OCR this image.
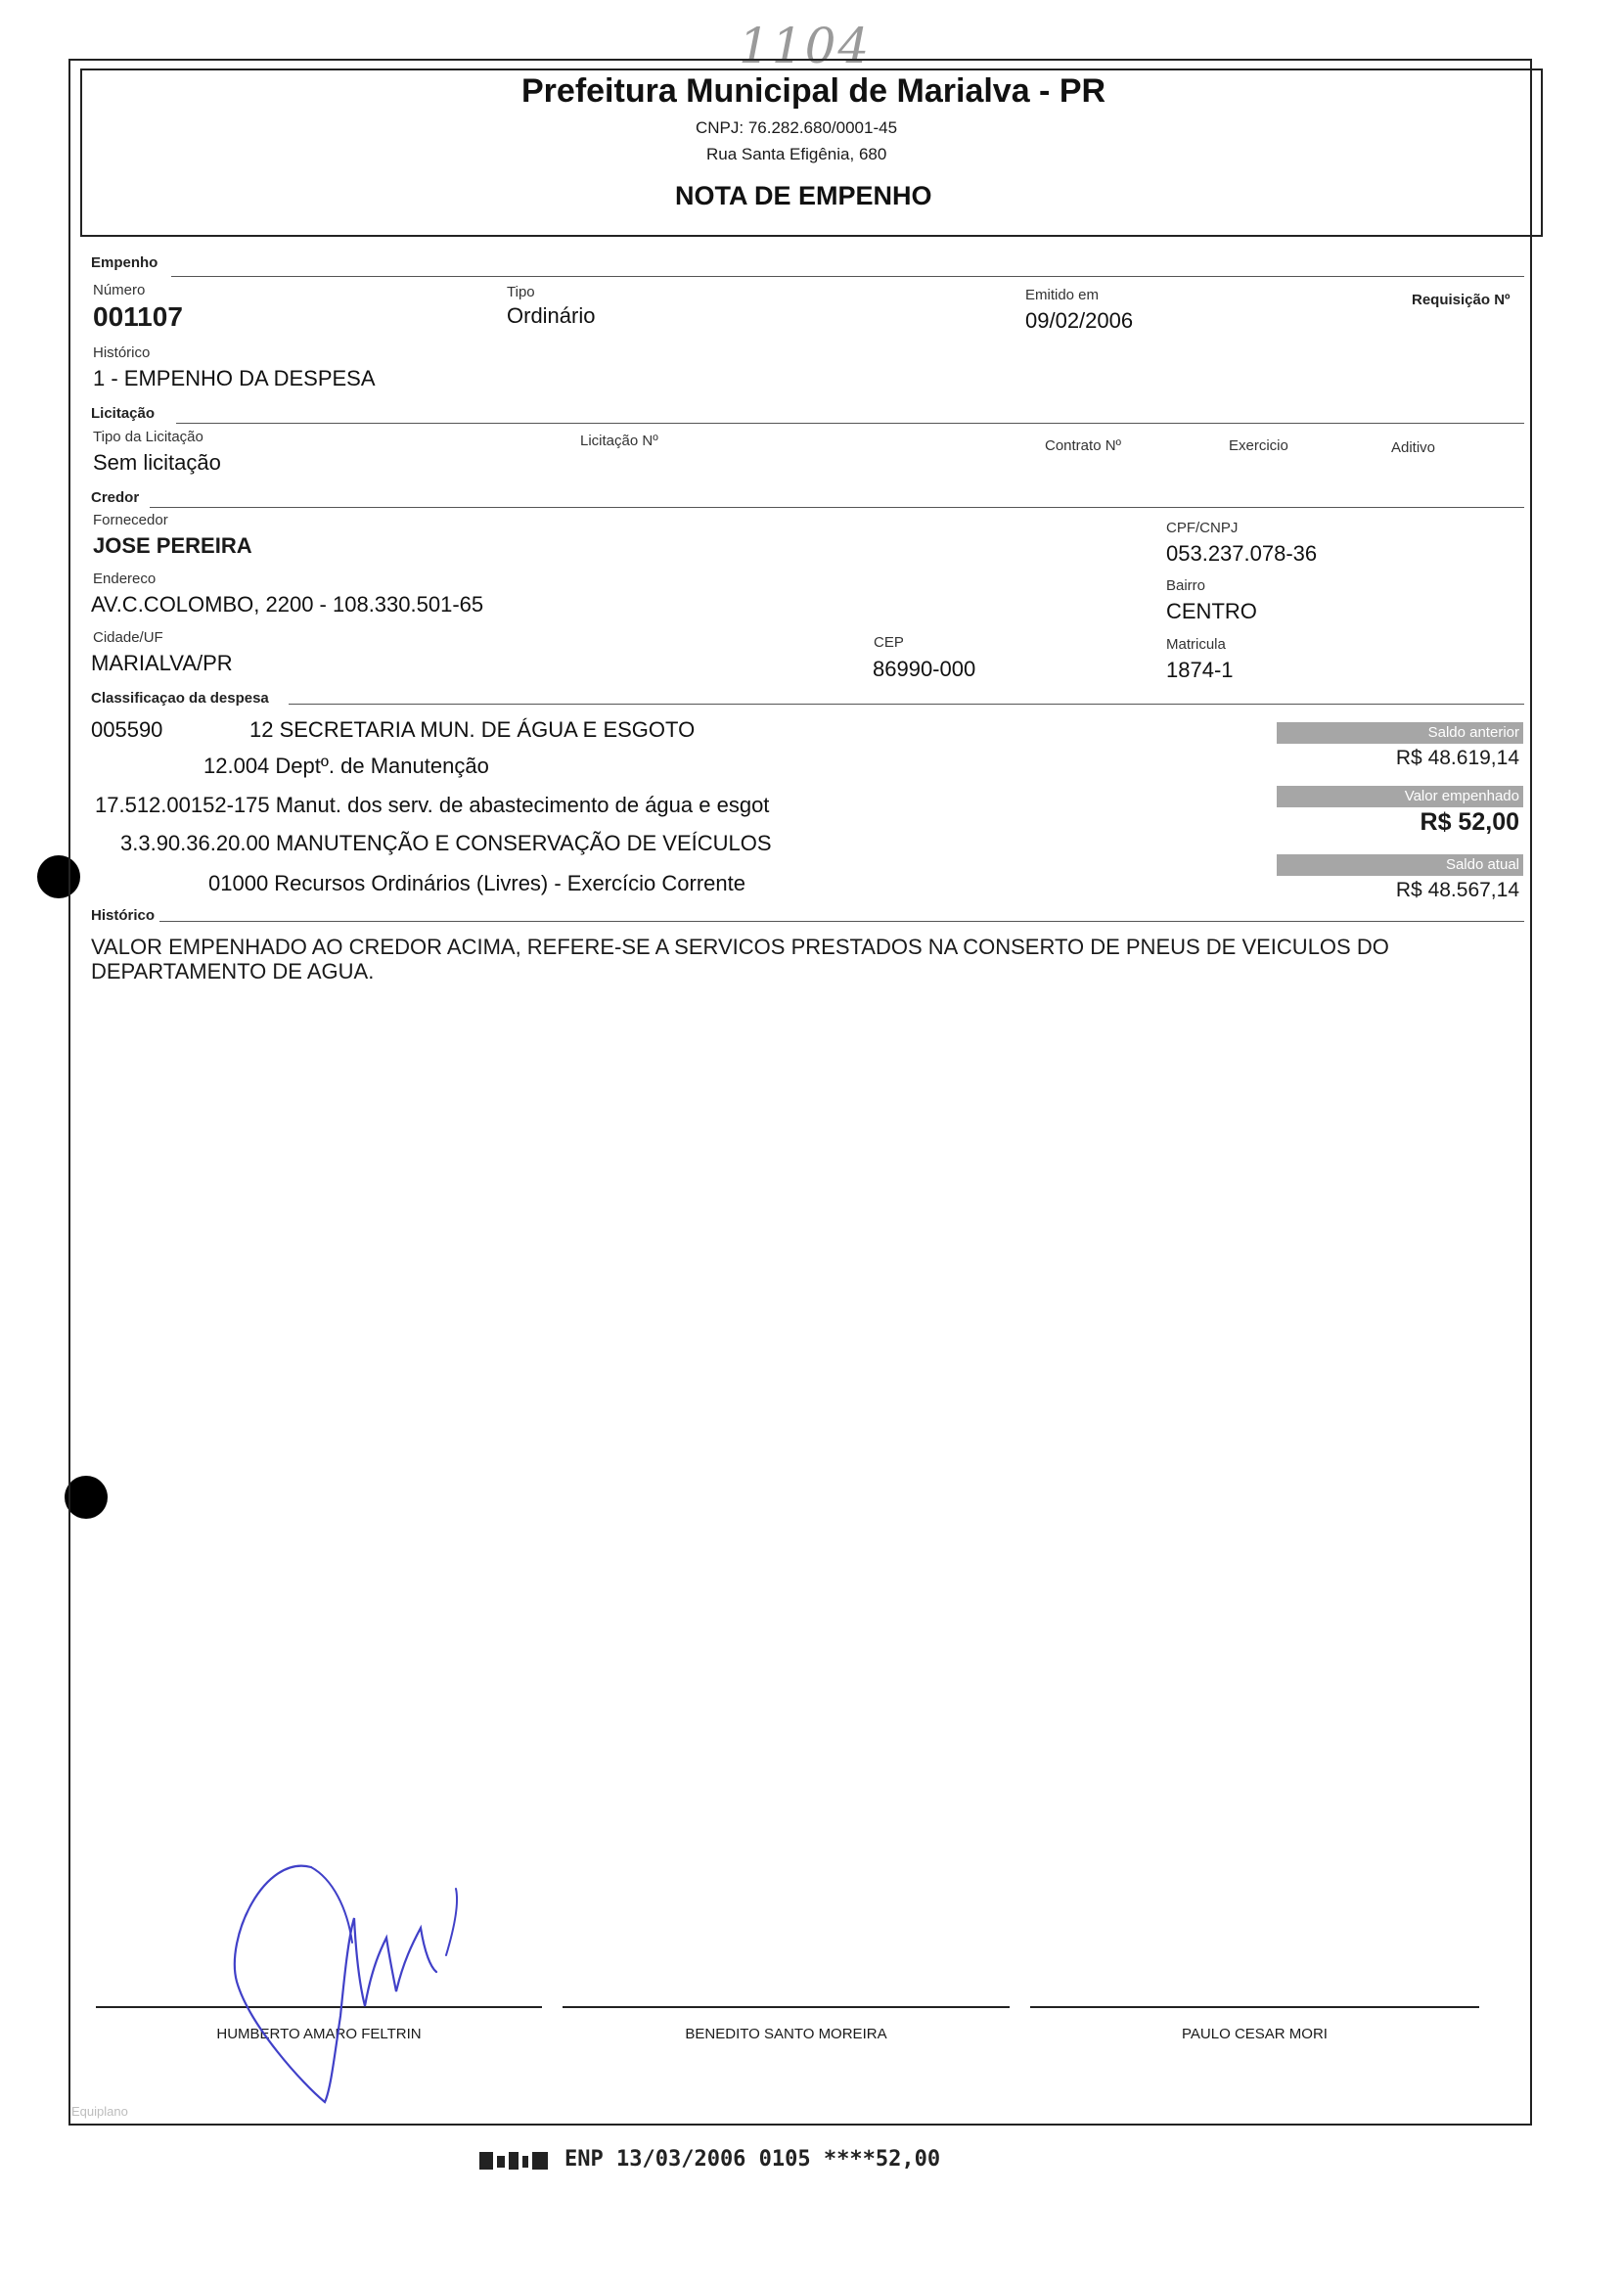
1104
Prefeitura Municipal de Marialva - PR
CNPJ: 76.282.680/0001-45
Rua Santa Efigênia, 680
NOTA DE EMPENHO
Empenho
Número
001107
Tipo
Ordinário
Emitido em
09/02/2006
Requisição Nº
Histórico
1 - EMPENHO DA DESPESA
Licitação
Tipo da Licitação
Sem licitação
Licitação Nº	Contrato Nº	Exercicio	Aditivo
Credor
Fornecedor
JOSE PEREIRA
CPF/CNPJ
053.237.078-36
Endereco
AV.C.COLOMBO, 2200 - 108.330.501-65
Bairro
CENTRO
Cidade/UF
MARIALVA/PR
CEP
86990-000
Matricula
1874-1
Classificaçao da despesa
005590	12 SECRETARIA MUN. DE ÁGUA E ESGOTO
12.004 Deptº. de Manutenção
17.512.00152-175 Manut. dos serv. de abastecimento de água e esgot
3.3.90.36.20.00 MANUTENÇÃO E CONSERVAÇÃO DE VEÍCULOS
01000 Recursos Ordinários (Livres) - Exercício Corrente
Saldo anterior
R$ 48.619,14
Valor empenhado
R$ 52,00
Saldo atual
R$ 48.567,14
Histórico
VALOR EMPENHADO AO CREDOR ACIMA, REFERE-SE A SERVICOS PRESTADOS NA CONSERTO DE PNEUS DE VEICULOS DO DEPARTAMENTO DE AGUA.
HUMBERTO AMARO FELTRIN	BENEDITO SANTO MOREIRA	PAULO CESAR MORI
Equiplano
ENP 13/03/2006 0105 ****52,00
